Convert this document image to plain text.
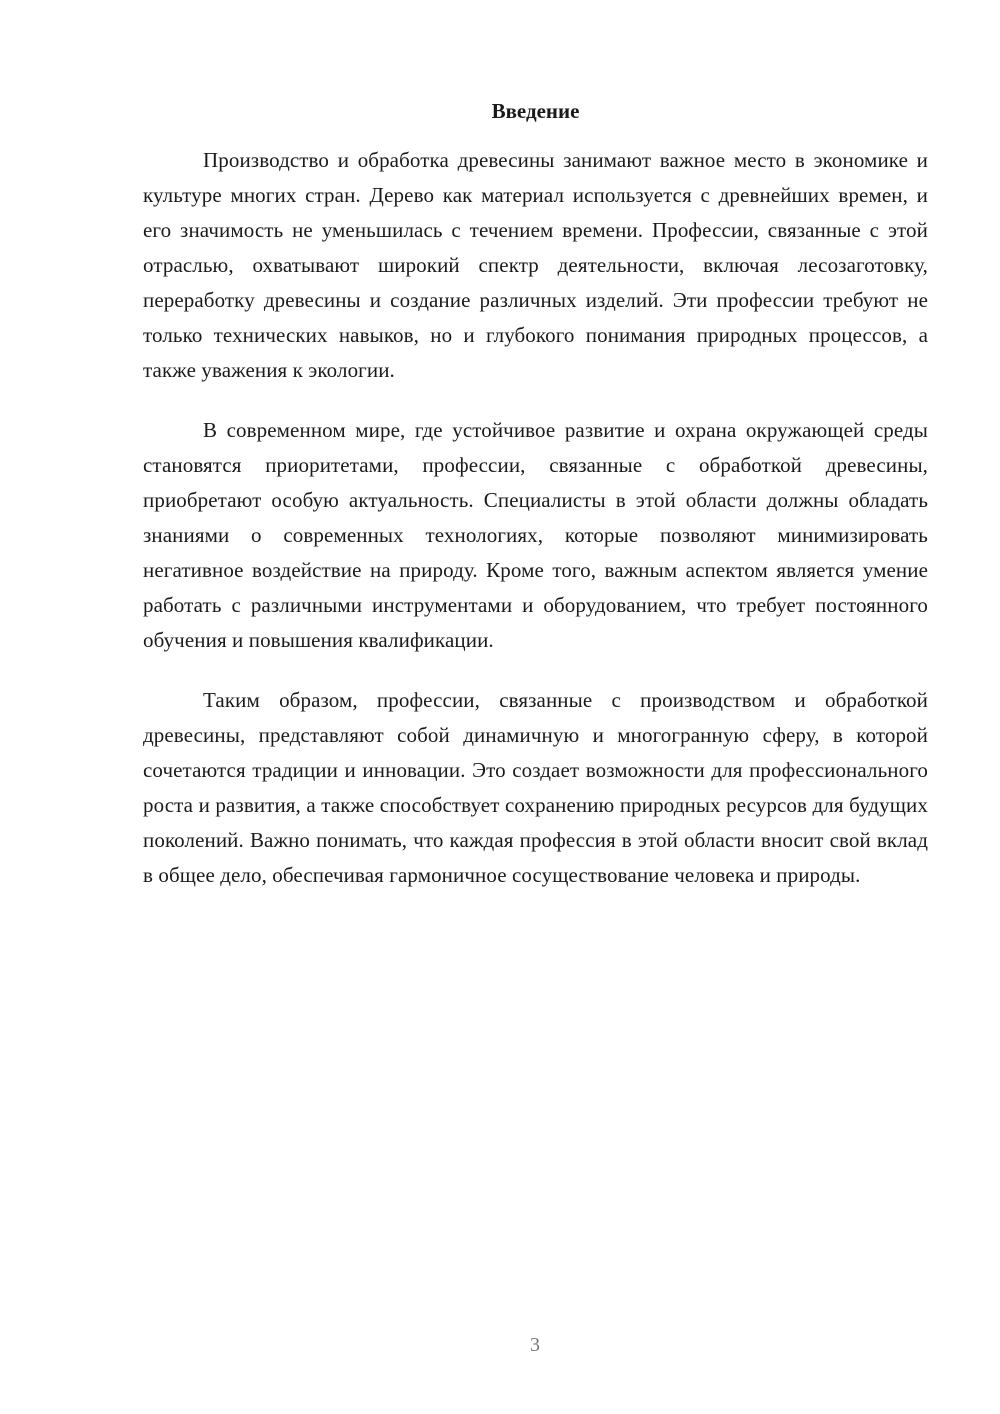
Введение

Производство и обработка древесины занимают важное место в экономике и культуре многих стран. Дерево как материал используется с древнейших времен, и его значимость не уменьшилась с течением времени. Профессии, связанные с этой отраслью, охватывают широкий спектр деятельности, включая лесозаготовку, переработку древесины и создание различных изделий. Эти профессии требуют не только технических навыков, но и глубокого понимания природных процессов, а также уважения к экологии.

В современном мире, где устойчивое развитие и охрана окружающей среды становятся приоритетами, профессии, связанные с обработкой древесины, приобретают особую актуальность. Специалисты в этой области должны обладать знаниями о современных технологиях, которые позволяют минимизировать негативное воздействие на природу. Кроме того, важным аспектом является умение работать с различными инструментами и оборудованием, что требует постоянного обучения и повышения квалификации.

Таким образом, профессии, связанные с производством и обработкой древесины, представляют собой динамичную и многогранную сферу, в которой сочетаются традиции и инновации. Это создает возможности для профессионального роста и развития, а также способствует сохранению природных ресурсов для будущих поколений. Важно понимать, что каждая профессия в этой области вносит свой вклад в общее дело, обеспечивая гармоничное сосуществование человека и природы.

3
